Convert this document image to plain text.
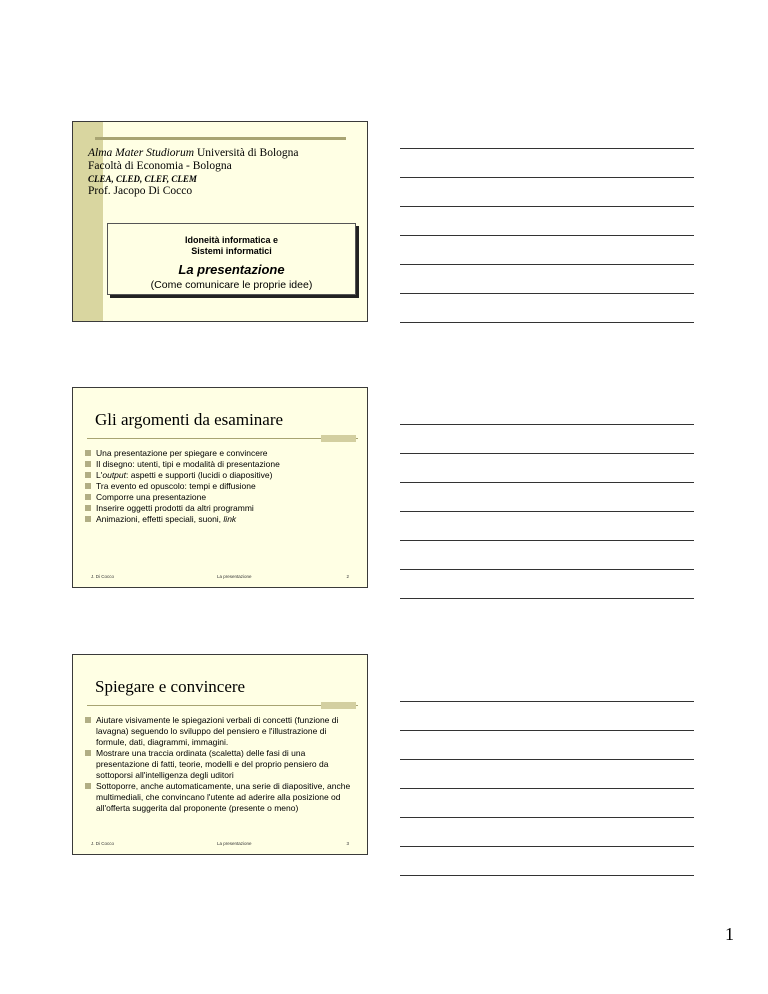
Alma Mater Studiorum Università di Bologna
Facoltà di Economia - Bologna
CLEA, CLED, CLEF, CLEM
Prof. Jacopo Di Cocco
Idoneità informatica e
Sistemi informatici
La presentazione
(Come comunicare le proprie idee)
Gli argomenti da esaminare
Una presentazione per spiegare e convincere
Il disegno: utenti, tipi e modalità di presentazione
L'output: aspetti e supporti (lucidi o diapositive)
Tra evento ed opuscolo: tempi e diffusione
Comporre una presentazione
Inserire oggetti prodotti da altri programmi
Animazioni, effetti speciali, suoni, link
J. Di Cocco	La presentazione	2
Spiegare e convincere
Aiutare visivamente le spiegazioni verbali di concetti (funzione di lavagna) seguendo lo sviluppo del pensiero e l'illustrazione di formule, dati, diagrammi, immagini.
Mostrare una traccia ordinata (scaletta) delle fasi di una presentazione di fatti, teorie, modelli e del proprio pensiero da sottoporsi all'intelligenza degli uditori
Sottoporre, anche automaticamente, una serie di diapositive, anche multimediali, che convincano l'utente ad aderire alla posizione od all'offerta suggerita dal proponente (presente o meno)
J. Di Cocco	La presentazione	3
1
